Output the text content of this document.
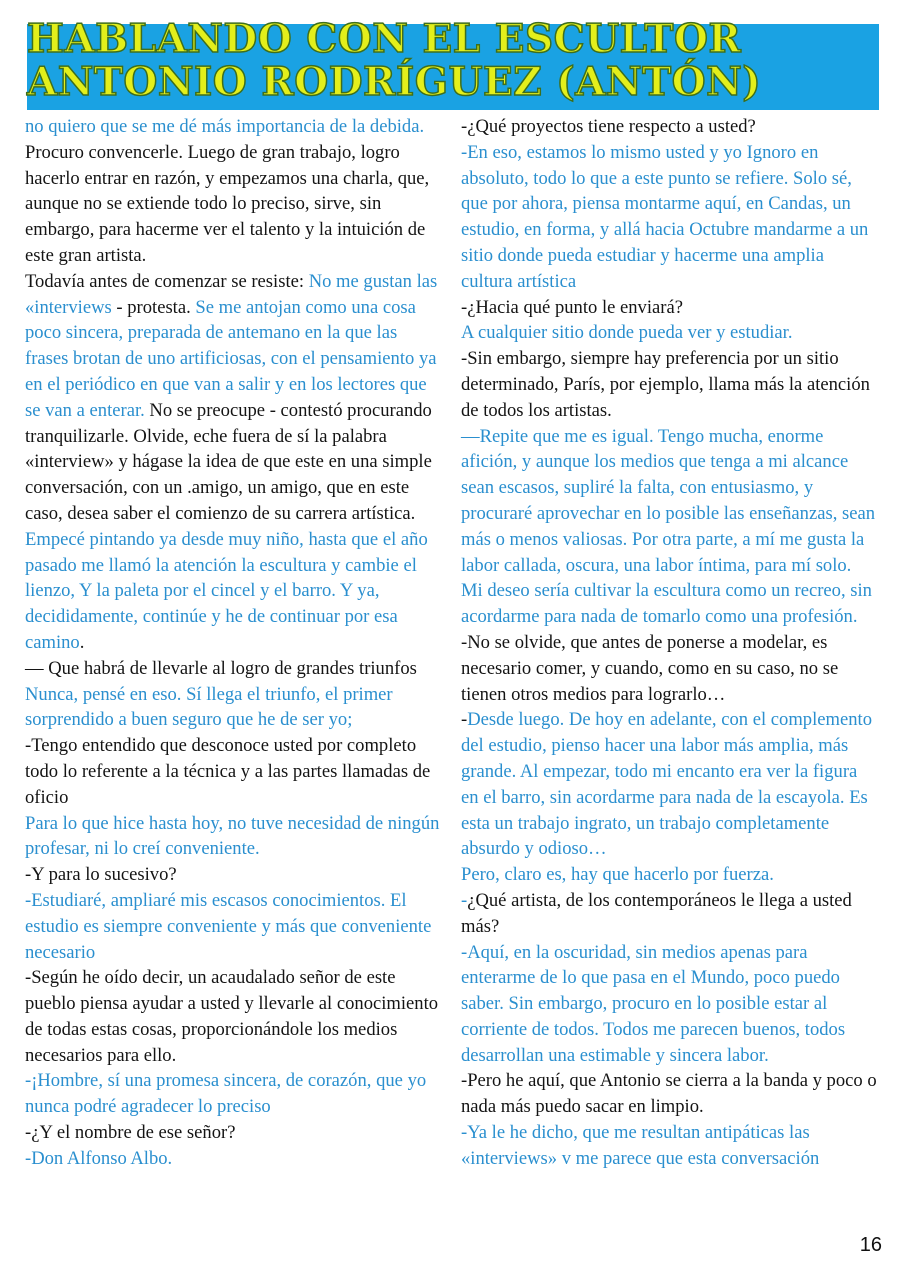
HABLANDO CON EL ESCULTOR
ANTONIO RODRÍGUEZ (ANTÓN)

no quiero que se me dé más importancia de la debida. Procuro convencerle. Luego de gran trabajo, logro hacerlo entrar en razón, y empezamos una charla, que, aunque no se extiende todo lo preciso, sirve, sin embargo, para hacerme ver el talento y la intuición de este gran artista.

Todavía antes de comenzar se resiste: No me gustan las «interviews - protesta. Se me antojan como una cosa poco sincera, preparada de antemano en la que las frases brotan de uno artificiosas, con el pensamiento ya en el periódico en que van a salir y en los lectores que se van a enterar. No se preocupe - contestó procurando tranquilizarle. Olvide, eche fuera de sí la palabra «interview» y hágase la idea de que este en una simple conversación, con un .amigo, un amigo, que en este caso, desea saber el comienzo de su carrera artística.

Empecé pintando ya desde muy niño, hasta que el año pasado me llamó la atención la escultura y cambie el lienzo, Y la paleta por el cincel y el barro. Y ya, decididamente, continúe y he de continuar por esa camino.

— Que habrá de llevarle al logro de grandes triunfos

Nunca, pensé en eso. Sí llega el triunfo, el primer sorprendido a buen seguro que he de ser yo;

-Tengo entendido que desconoce usted por completo todo lo referente a la técnica y a las partes llamadas de oficio

Para lo que hice hasta hoy, no tuve necesidad de ningún profesar, ni lo creí conveniente.

-Y para lo sucesivo?

-Estudiaré, ampliaré mis escasos conocimientos. El estudio es siempre conveniente y más que conveniente necesario

-Según he oído decir, un acaudalado señor de este pueblo piensa ayudar a usted y llevarle al conocimiento de todas estas cosas, proporcionándole los medios necesarios para ello.

-¡Hombre, sí una promesa sincera, de corazón, que yo nunca podré agradecer lo preciso

-¿Y el nombre de ese señor?

-Don Alfonso Albo.

-¿Qué proyectos tiene respecto a usted?

-En eso, estamos lo mismo usted y yo Ignoro en absoluto, todo lo que a este punto se refiere. Solo sé, que por ahora, piensa montarme aquí, en Candas, un estudio, en forma, y allá hacia Octubre mandarme a un sitio donde pueda estudiar y hacerme una amplia cultura artística

-¿Hacia qué punto le enviará?

A cualquier sitio donde pueda ver y estudiar.

-Sin embargo, siempre hay preferencia por un sitio determinado, París, por ejemplo, llama más la atención de todos los artistas.

—Repite que me es igual. Tengo mucha, enorme afición, y aunque los medios que tenga a mi alcance sean escasos, supliré la falta, con entusiasmo, y procuraré aprovechar en lo posible las enseñanzas, sean más o menos valiosas. Por otra parte, a mí me gusta la labor callada, oscura, una labor íntima, para mí solo. Mi deseo sería cultivar la escultura como un recreo, sin acordarme para nada de tomarlo como una profesión.

-No se olvide, que antes de ponerse a modelar, es necesario comer, y cuando, como en su caso, no se tienen otros medios para lograrlo…

-Desde luego. De hoy en adelante, con el complemento del estudio, pienso hacer una labor más amplia, más grande. Al empezar, todo mi encanto era ver la figura en el barro, sin acordarme para nada de la escayola. Es esta un trabajo ingrato, un trabajo completamente absurdo y odioso…

Pero, claro es, hay que hacerlo por fuerza.

-¿Qué artista, de los contemporáneos le llega a usted más?

-Aquí, en la oscuridad, sin medios apenas para enterarme de lo que pasa en el Mundo, poco puedo saber. Sin embargo, procuro en lo posible estar al corriente de todos. Todos me parecen buenos, todos desarrollan una estimable y sincera labor.

-Pero he aquí, que Antonio se cierra a la banda y poco o nada más puedo sacar en limpio.

-Ya le he dicho, que me resultan antipáticas las «interviews» v me parece que esta conversación

16
